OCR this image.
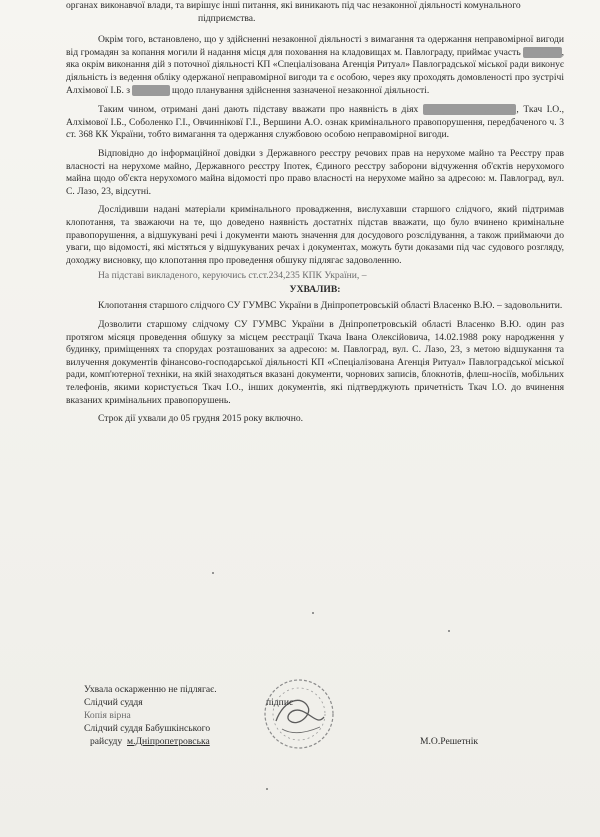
органах виконавчої влади, та вирішує інші питання, які виникають під час незаконної діяльності комунального

підприємства.

Окрім того, встановлено, що у здійсненні незаконної діяльності з вимагання та одержання неправомірної вигоди від громадян за копання могили й надання місця для поховання на кладовищах м. Павлограду, приймає участь Онул Л.І., яка окрім виконання дій з поточної діяльності КП «Спеціалізована Агенція Ритуал» Павлоградської міської ради виконує діяльність із ведення обліку одержаної неправомірної вигоди та є особою, через яку проходять домовленості про зустрічі Алхімової І.Б. з Отоу Л.І. щодо планування здійснення зазначеної незаконної діяльності.

Таким чином, отримані дані дають підставу вважати про наявність в діях Оталу Л.І., Отилу Р.І., Ткач І.О., Алхімової І.Б., Соболенко Г.І., Овчинніковї Г.І., Вершини А.О. ознак кримінального правопорушення, передбаченого ч. 3 ст. 368 КК України, тобто вимагання та одержання службовою особою неправомірної вигоди.

Відповідно до інформаційної довідки з Державного реєстру речових прав на нерухоме майно та Реєстру прав власності на нерухоме майно, Державного реєстру Іпотек, Єдиного реєстру заборони відчуження об'єктів нерухомого майна щодо об'єкта нерухомого майна відомості про право власності на нерухоме майно за адресою: м. Павлоград, вул. С. Лазо, 23, відсутні.

Дослідивши надані матеріали кримінального провадження, вислухавши старшого слідчого, який підтримав клопотання, та зважаючи на те, що доведено наявність достатніх підстав вважати, що було вчинено кримінальне правопорушення, а відшукувані речі і документи мають значення для досудового розслідування, а також приймаючи до уваги, що відомості, які містяться у відшукуваних речах і документах, можуть бути доказами під час судового розгляду, доходжу висновку, що клопотання про проведення обшуку підлягає задоволенню.

На підставі викладеного, керуючись ст.ст.234,235 КПК України, –

УХВАЛИВ:

Клопотання старшого слідчого СУ ГУМВС України в Дніпропетровській області Власенко В.Ю. – задовольнити.

Дозволити старшому слідчому СУ ГУМВС України в Дніпропетровській області Власенко В.Ю. один раз протягом місяця проведення обшуку за місцем реєстрації Ткача Івана Олексійовича, 14.02.1988 року народження у будинку, приміщеннях та спорудах розташованих за адресою: м. Павлоград, вул. С. Лазо, 23, з метою відшукання та вилучення документів фінансово-господарської діяльності КП «Спеціалізована Агенція Ритуал» Павлоградської міської ради, комп'ютерної техніки, на якій знаходяться вказані документи, чорнових записів, блокнотів, флеш-носіїв, мобільних телефонів, якими користується Ткач І.О., інших документів, які підтверджують причетність Ткач І.О. до вчинення вказаних кримінальних правопорушень.

Строк дії ухвали до 05 грудня 2015 року включно.

Ухвала оскарженню не підлягає.
Слідчий суддя	підпис
Копія вірна
Слідчий суддя Бабушкінського
райсуду м.Дніпропетровська	М.О.Решетнік
